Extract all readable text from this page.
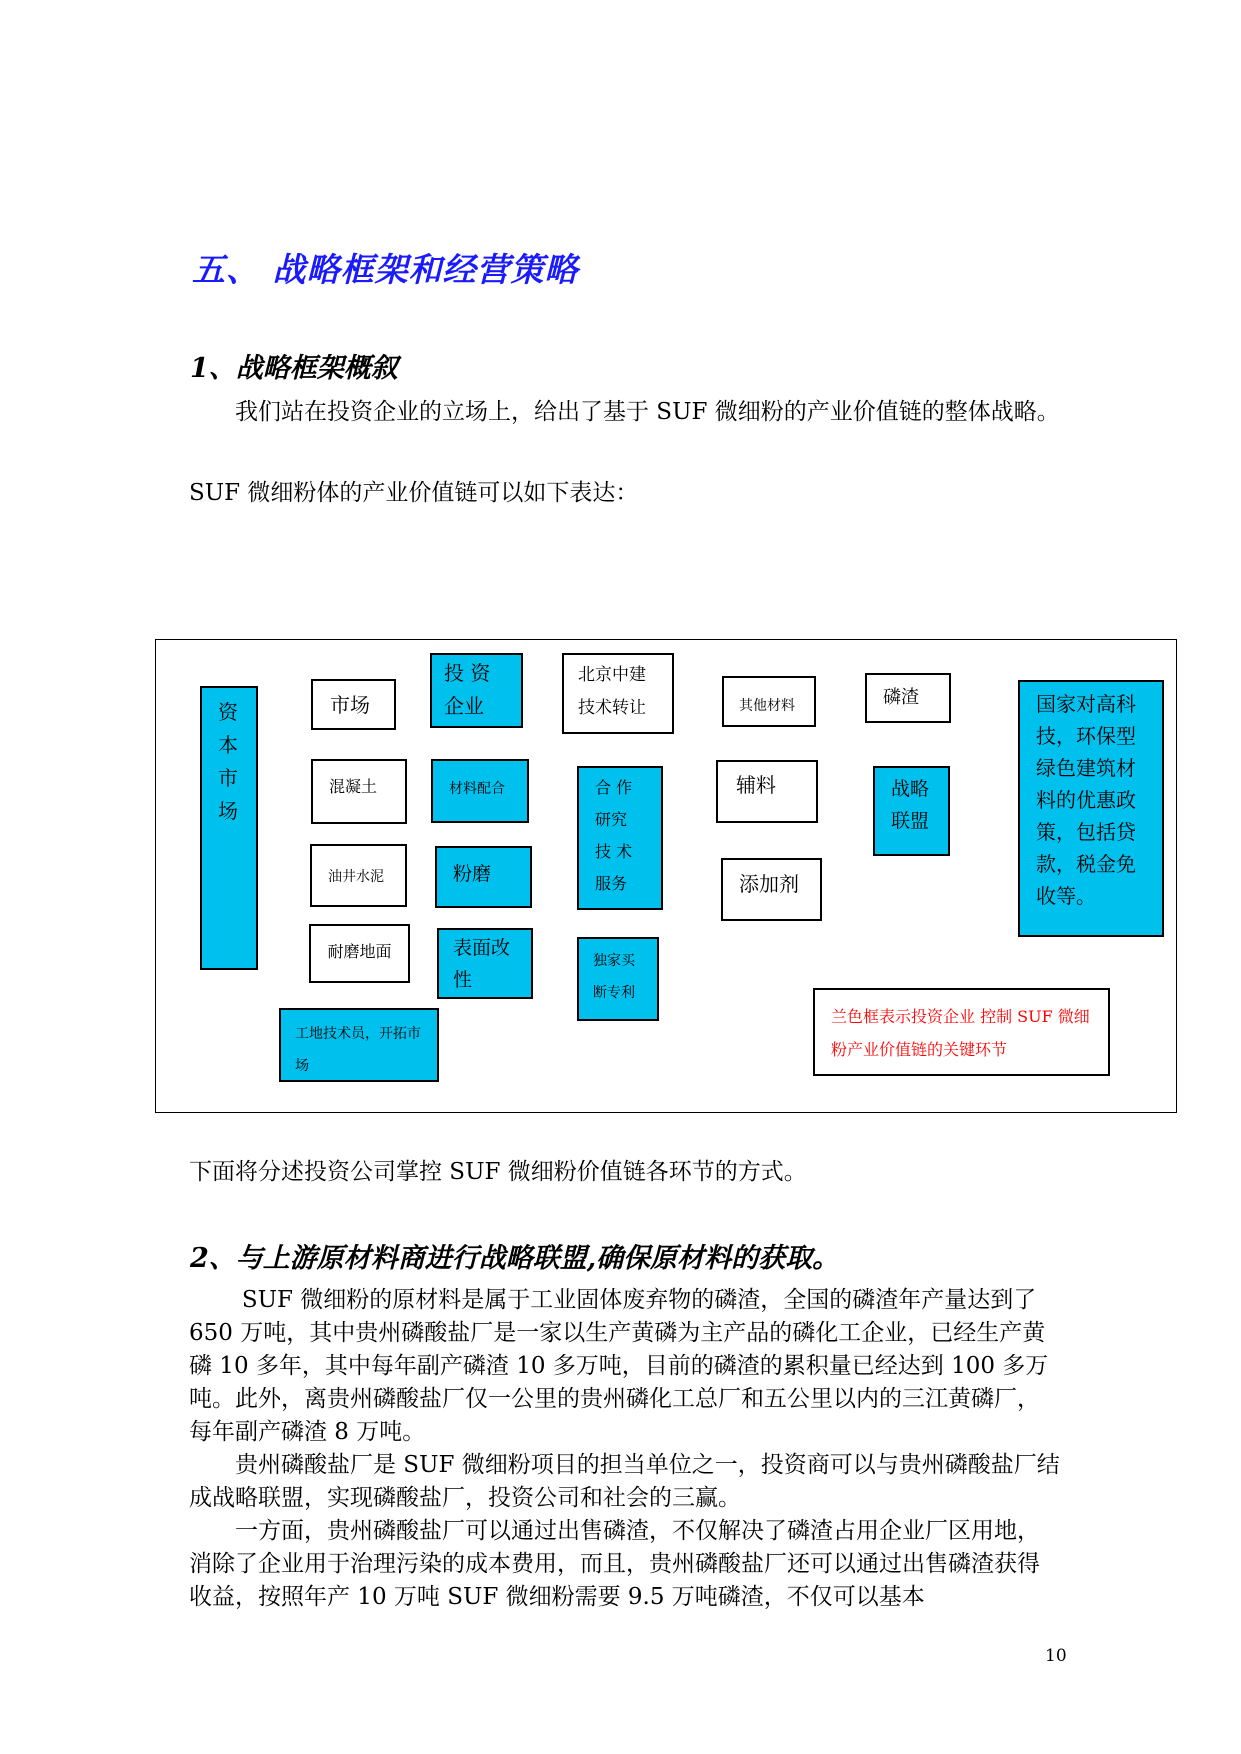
五、 战略框架和经营策略
1、战略框架概叙
我们站在投资企业的立场上，给出了基于 SUF 微细粉的产业价值链的整体战略。
SUF 微细粉体的产业价值链可以如下表达：
资本市场
市场
投 资 企业
北京中建技术转让	其他材料	磷渣	国家对高科技，环保型绿色建筑材料的优惠政策，包括贷款，税金免收等。
混凝土	材料配合	合 作 研究 技 术 服务
辅料	战略联盟
油井水泥	粉磨	添加剂
耐磨地面	表面改性
独家买断专利
工地技术员，开拓市场
兰色框表示投资企业 控制 SUF 微细粉产业价值链的关键环节
下面将分述投资公司掌控 SUF 微细粉价值链各环节的方式。
2、与上游原材料商进行战略联盟,确保原材料的获取。
SUF 微细粉的原材料是属于工业固体废弃物的磷渣，全国的磷渣年产量达到了 650 万吨，其中贵州磷酸盐厂是一家以生产黄磷为主产品的磷化工企业，已经生产黄磷 10 多年，其中每年副产磷渣 10 多万吨，目前的磷渣的累积量已经达到 100 多万吨。此外，离贵州磷酸盐厂仅一公里的贵州磷化工总厂和五公里以内的三江黄磷厂，每年副产磷渣 8 万吨。
贵州磷酸盐厂是 SUF 微细粉项目的担当单位之一，投资商可以与贵州磷酸盐厂结成战略联盟，实现磷酸盐厂，投资公司和社会的三赢。
一方面，贵州磷酸盐厂可以通过出售磷渣，不仅解决了磷渣占用企业厂区用地，消除了企业用于治理污染的成本费用，而且，贵州磷酸盐厂还可以通过出售磷渣获得收益，按照年产 10 万吨 SUF 微细粉需要 9.5 万吨磷渣，不仅可以基本
10
